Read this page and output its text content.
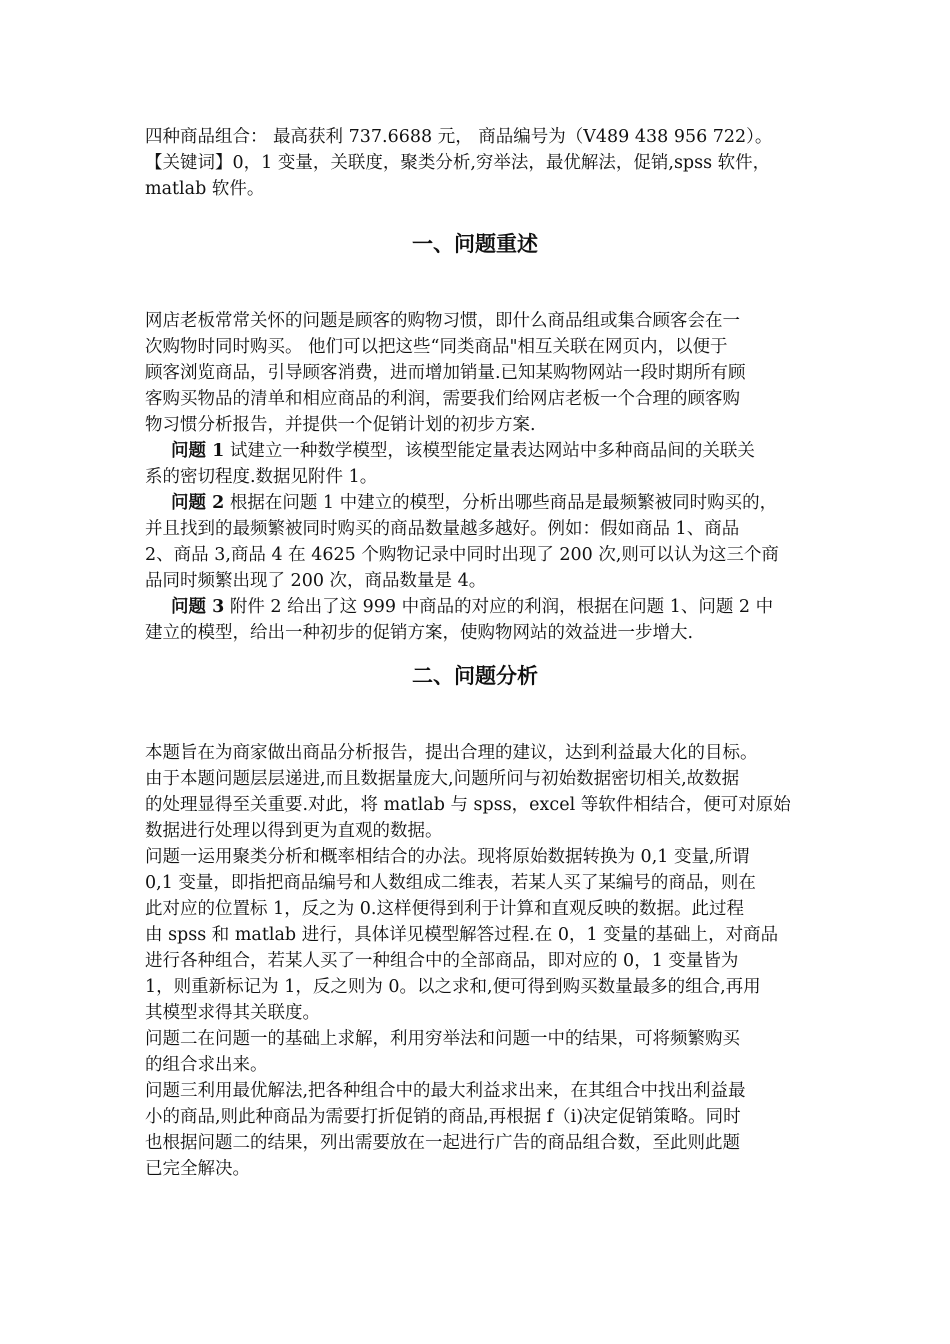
四种商品组合： 最高获利 737.6688 元， 商品编号为（V489 438 956 722）。
【关键词】0，1 变量，关联度，聚类分析,穷举法，最优解法，促销,spss 软件，
matlab 软件。
一、问题重述
网店老板常常关怀的问题是顾客的购物习惯，即什么商品组或集合顾客会在一
次购物时同时购买。 他们可以把这些“同类商品"相互关联在网页内，以便于
顾客浏览商品，引导顾客消费，进而增加销量.已知某购物网站一段时期所有顾
客购买物品的清单和相应商品的利润，需要我们给网店老板一个合理的顾客购
物习惯分析报告，并提供一个促销计划的初步方案.
问题 1 试建立一种数学模型，该模型能定量表达网站中多种商品间的关联关
系的密切程度.数据见附件 1。
问题 2 根据在问题 1 中建立的模型，分析出哪些商品是最频繁被同时购买的，
并且找到的最频繁被同时购买的商品数量越多越好。例如：假如商品 1、商品
2、商品 3,商品 4 在 4625 个购物记录中同时出现了 200 次,则可以认为这三个商
品同时频繁出现了 200 次，商品数量是 4。
问题 3 附件 2 给出了这 999 中商品的对应的利润，根据在问题 1、问题 2 中
建立的模型，给出一种初步的促销方案，使购物网站的效益进一步增大.
二、问题分析
本题旨在为商家做出商品分析报告，提出合理的建议，达到利益最大化的目标。
由于本题问题层层递进,而且数据量庞大,问题所问与初始数据密切相关,故数据
的处理显得至关重要.对此，将 matlab 与 spss，excel 等软件相结合，便可对原始
数据进行处理以得到更为直观的数据。
问题一运用聚类分析和概率相结合的办法。现将原始数据转换为 0,1 变量,所谓
0,1 变量，即指把商品编号和人数组成二维表，若某人买了某编号的商品，则在
此对应的位置标 1，反之为 0.这样便得到利于计算和直观反映的数据。此过程
由 spss 和 matlab 进行，具体详见模型解答过程.在 0，1 变量的基础上，对商品
进行各种组合，若某人买了一种组合中的全部商品，即对应的 0，1 变量皆为
1，则重新标记为 1，反之则为 0。以之求和,便可得到购买数量最多的组合,再用
其模型求得其关联度。
问题二在问题一的基础上求解，利用穷举法和问题一中的结果，可将频繁购买
的组合求出来。
问题三利用最优解法,把各种组合中的最大利益求出来，在其组合中找出利益最
小的商品,则此种商品为需要打折促销的商品,再根据 f（i)决定促销策略。同时
也根据问题二的结果，列出需要放在一起进行广告的商品组合数，至此则此题
已完全解决。
